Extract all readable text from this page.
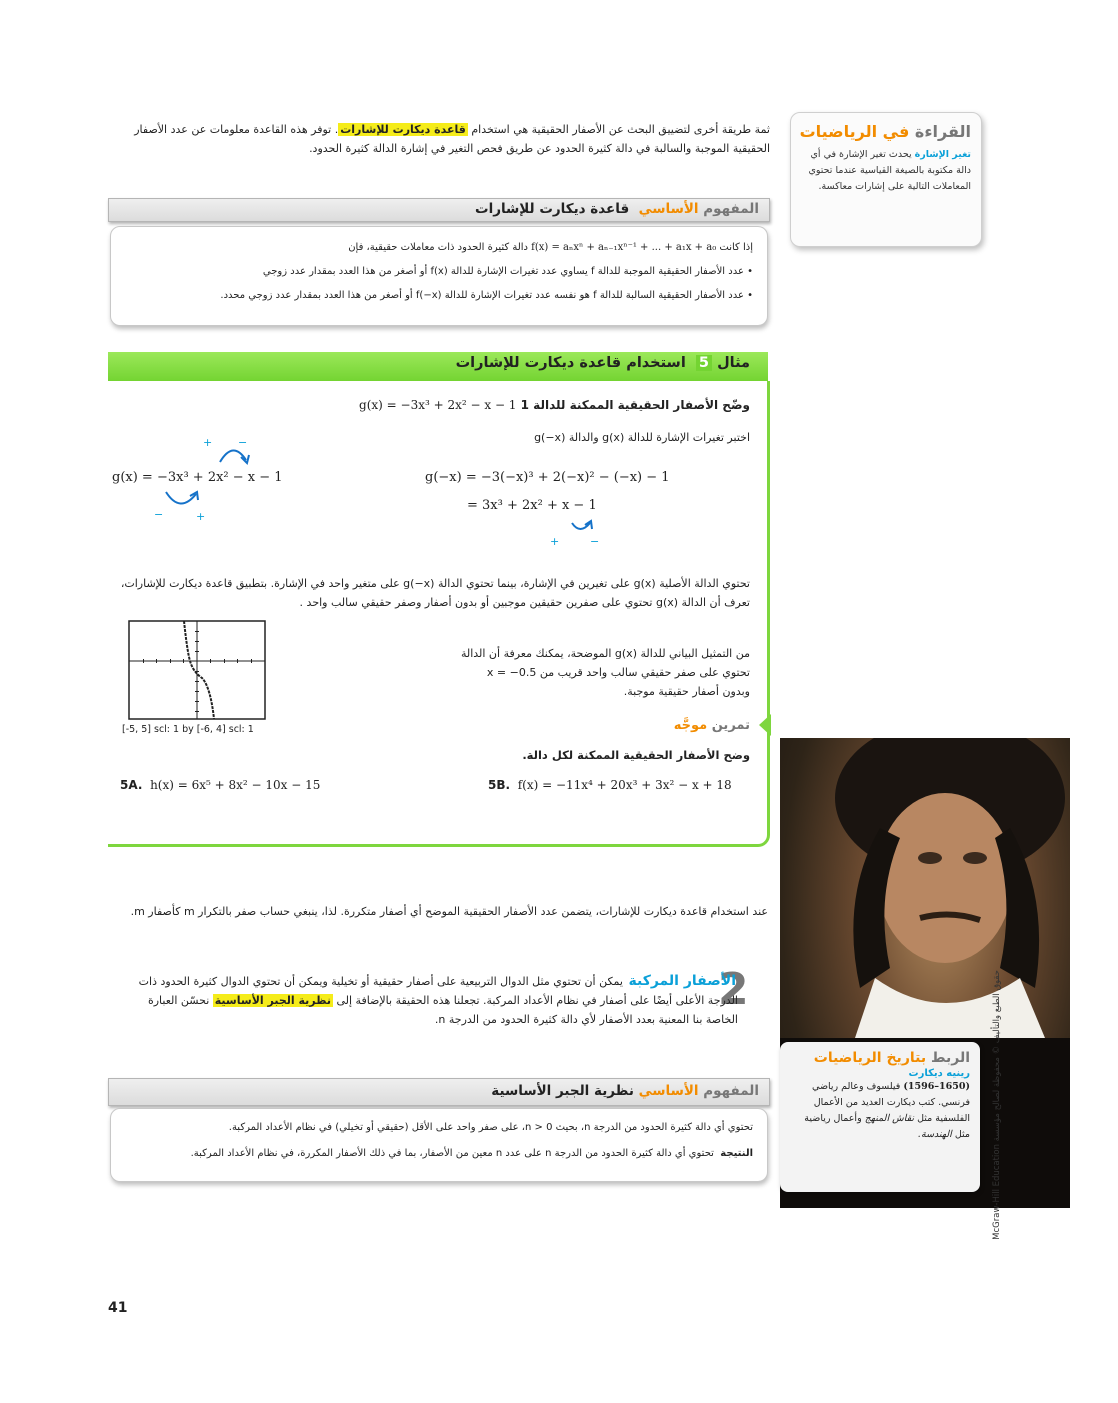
ثمة طريقة أخرى لتضييق البحث عن الأصفار الحقيقية هي استخدام قاعدة ديكارت للإشارات. توفر هذه القاعدة معلومات عن عدد الأصفار الحقيقية الموجبة والسالبة في دالة كثيرة الحدود عن طريق فحص التغير في إشارة الدالة كثيرة الحدود.
القراءة في الرياضيات

تغير الإشارة يحدث تغير الإشارة في أي دالة مكتوبة بالصيغة القياسية عندما تحتوي المعاملات التالية على إشارات معاكسة.

المفهوم الأساسي  قاعدة ديكارت للإشارات
إذا كانت f(x) = aₙxⁿ + aₙ₋₁xⁿ⁻¹ + ... + a₁x + a₀ دالة كثيرة الحدود ذات معاملات حقيقية، فإن
• عدد الأصفار الحقيقية الموجبة للدالة f يساوي عدد تغيرات الإشارة للدالة f(x) أو أصغر من هذا العدد بمقدار عدد زوجي
• عدد الأصفار الحقيقية السالبة للدالة f هو نفسه عدد تغيرات الإشارة للدالة f(−x) أو أصغر من هذا العدد بمقدار عدد زوجي محدد.
مثال 5  استخدام قاعدة ديكارت للإشارات
وضّح الأصفار الحقيقية الممكنة للدالة 1 g(x) = −3x³ + 2x² − x − 1
اختبر تغيرات الإشارة للدالة g(x) والدالة g(−x)
+ −
−	+
g(x) = −3x³ + 2x² − x − 1	g(−x) = −3(−x)³ + 2(−x)² − (−x) − 1
= 3x³ + 2x² + x − 1
+	−
تحتوي الدالة الأصلية g(x) على تغيرين في الإشارة، بينما تحتوي الدالة g(−x) على متغير واحد في الإشارة. بتطبيق قاعدة ديكارت للإشارات، تعرف أن الدالة g(x) تحتوي على صفرين حقيقين موجبين أو بدون أصفار وصفر حقيقي سالب واحد .
[-5, 5] scl: 1 by [-6, 4] scl: 1
من التمثيل البياني للدالة g(x) الموضحة، يمكنك معرفة أن الدالة تحتوي على صفر حقيقي سالب واحد قريب من x = −0.5 وبدون أصفار حقيقية موجبة.
تمرين موجَّه
وضح الأصفار الحقيقية الممكنة لكل دالة.
5A. h(x) = 6x⁵ + 8x² − 10x − 15	5B. f(x) = −11x⁴ + 20x³ + 3x² − x + 18
عند استخدام قاعدة ديكارت للإشارات، يتضمن عدد الأصفار الحقيقية الموضح أي أصفار متكررة. لذا، ينبغي حساب صفر بالتكرار m كأصفار m.
2
الأصفار المركبة يمكن أن تحتوي مثل الدوال التربيعية على أصفار حقيقية أو تخيلية ويمكن أن تحتوي الدوال كثيرة الحدود ذات الدرجة الأعلى أيضًا على أصفار في نظام الأعداد المركبة. تجعلنا هذه الحقيقة بالإضافة إلى نظرية الجبر الأساسية نحسّن العبارة الخاصة بنا المعنية بعدد الأصفار لأي دالة كثيرة الحدود من الدرجة n.
المفهوم الأساسي نظرية الجبر الأساسية
تحتوي أي دالة كثيرة الحدود من الدرجة n، بحيث 0 < n، على صفر واحد على الأقل (حقيقي أو تخيلي) في نظام الأعداد المركبة.
النتيجة  تحتوي أي دالة كثيرة الحدود من الدرجة n على عدد n معين من الأصفار، بما في ذلك الأصفار المكررة، في نظام الأعداد المركبة.
الربط بتاريخ الرياضيات
رينيه ديكارت

(1596–1650) فيلسوف وعالم رياضي فرنسي. كتب ديكارت العديد من الأعمال الفلسفية مثل نقاش المنهج وأعمال رياضية مثل الهندسة.

حقوق الطبع والتأليف © محفوظة لصالح مؤسسة McGraw-Hill Education
41
